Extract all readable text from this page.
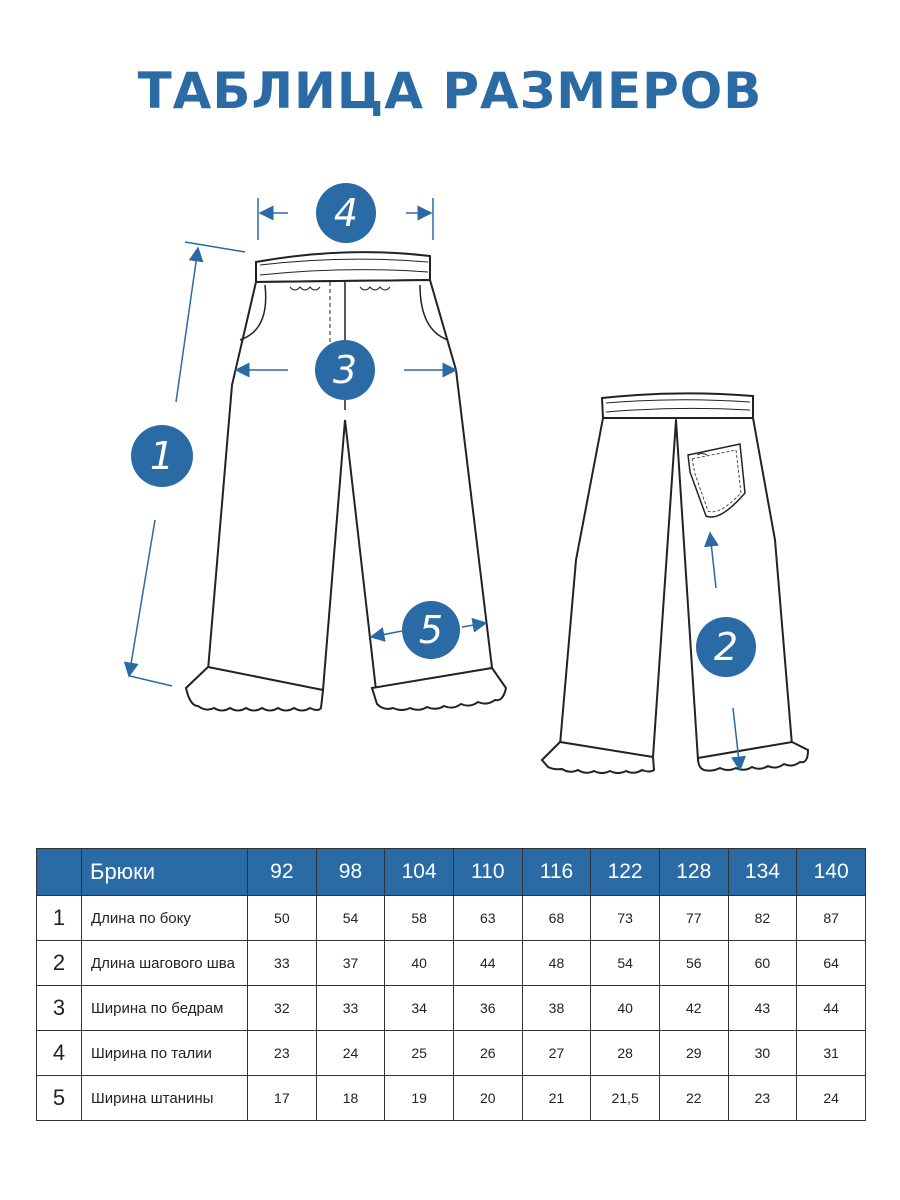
ТАБЛИЦА РАЗМЕРОВ
4
3
1
5	2
	Брюки	92	98	104	110	116	122	128	134	140
1	Длина по боку	50	54	58	63	68	73	77	82	87
2	Длина шагового шва	33	37	40	44	48	54	56	60	64
3	Ширина по бедрам	32	33	34	36	38	40	42	43	44
4	Ширина по талии	23	24	25	26	27	28	29	30	31
5	Ширина штанины	17	18	19	20	21	21,5	22	23	24
